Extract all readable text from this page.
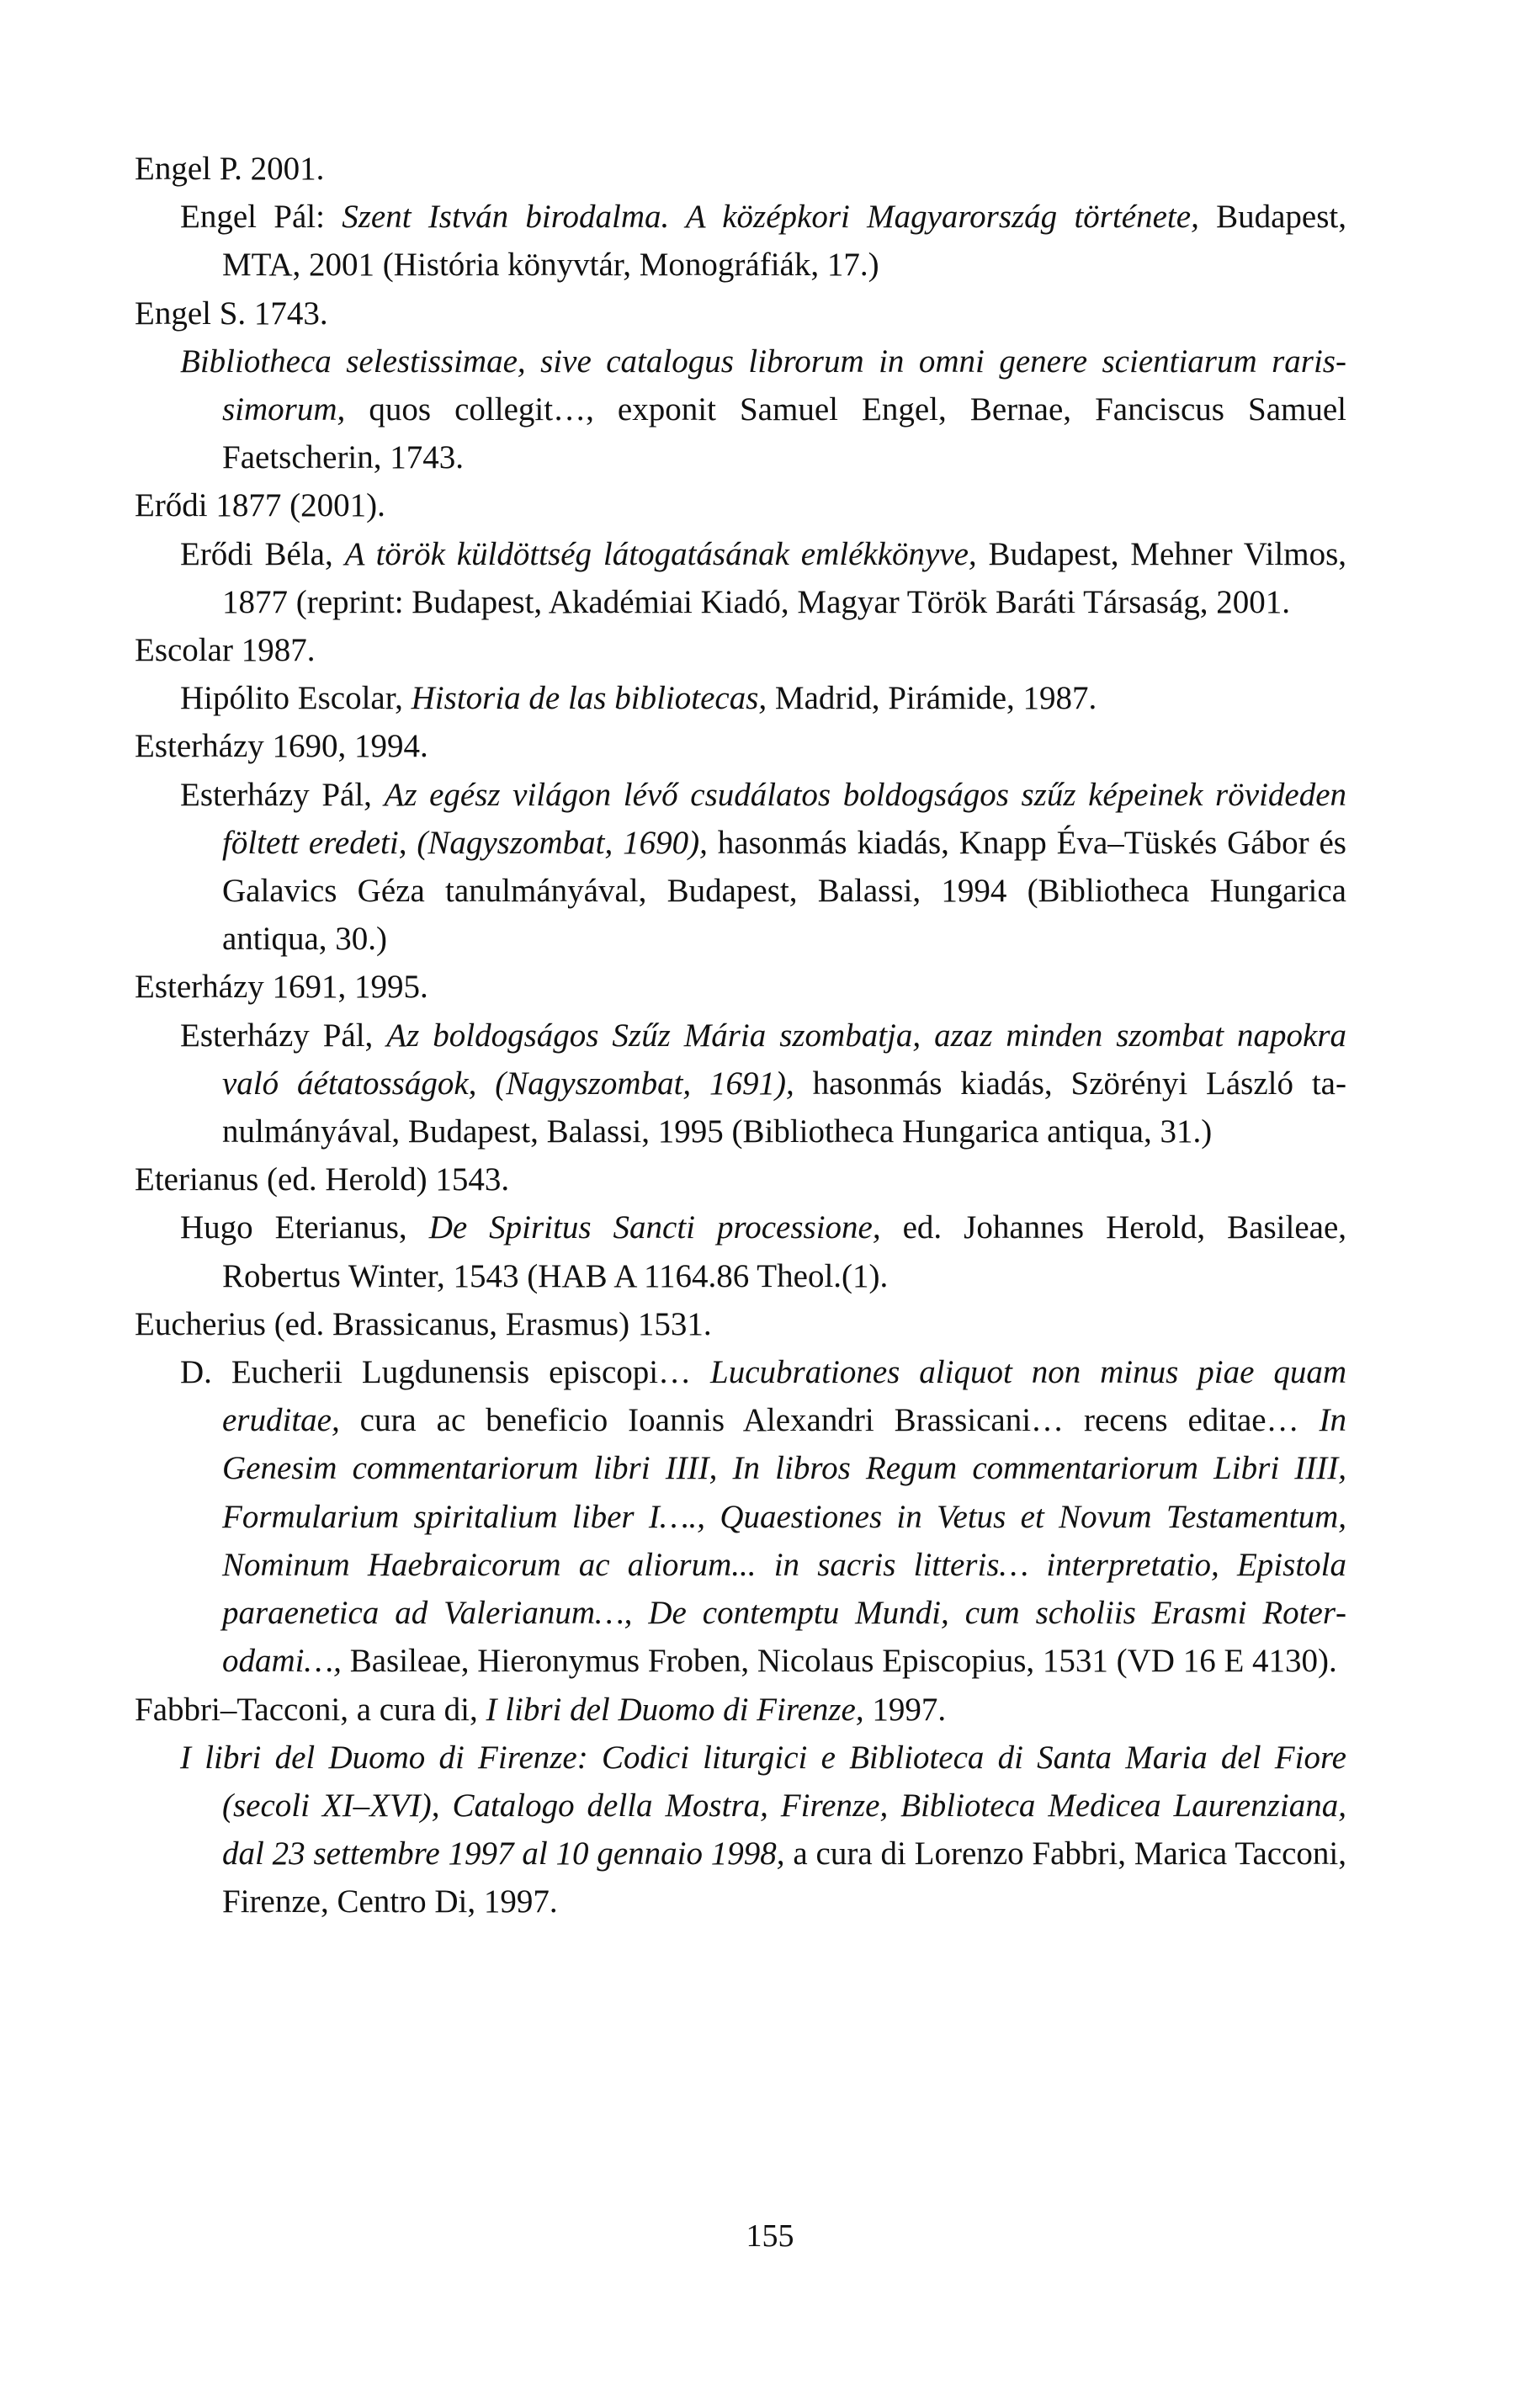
Engel P. 2001.

Engel Pál: Szent István birodalma. A középkori Magyarország története, Budapest, MTA, 2001 (História könyvtár, Monográfiák, 17.)

Engel S. 1743.

Bibliotheca selestissimae, sive catalogus librorum in omni genere scientiarum rarissimorum, quos collegit…, exponit Samuel Engel, Bernae, Fanciscus Samuel Faetscherin, 1743.

Erődi 1877 (2001).

Erődi Béla, A török küldöttség látogatásának emlékkönyve, Budapest, Mehner Vilmos, 1877 (reprint: Budapest, Akadémiai Kiadó, Magyar Török Baráti Társaság, 2001.

Escolar 1987.

Hipólito Escolar, Historia de las bibliotecas, Madrid, Pirámide, 1987.

Esterházy 1690, 1994.

Esterházy Pál, Az egész világon lévő csudálatos boldogságos szűz képeinek rövideden föltett eredeti, (Nagyszombat, 1690), hasonmás kiadás, Knapp Éva–Tüskés Gábor és Galavics Géza tanulmányával, Budapest, Balassi, 1994 (Bibliotheca Hungarica antiqua, 30.)

Esterházy 1691, 1995.

Esterházy Pál, Az boldogságos Szűz Mária szombatja, azaz minden szombat napokra való áétatosságok, (Nagyszombat, 1691), hasonmás kiadás, Szörényi László tanulmányával, Budapest, Balassi, 1995 (Bibliotheca Hungarica antiqua, 31.)

Eterianus (ed. Herold) 1543.

Hugo Eterianus, De Spiritus Sancti processione, ed. Johannes Herold, Basileae, Robertus Winter, 1543 (HAB A 1164.86 Theol.(1).

Eucherius (ed. Brassicanus, Erasmus) 1531.

D. Eucherii Lugdunensis episcopi… Lucubrationes aliquot non minus piae quam eruditae, cura ac beneficio Ioannis Alexandri Brassicani… recens editae… In Genesim commentariorum libri IIII, In libros Regum commentariorum Libri IIII, Formularium spiritalium liber I…., Quaestiones in Vetus et Novum Testamentum, Nominum Haebraicorum ac aliorum... in sacris litteris… interpretatio, Epistola paraenetica ad Valerianum…, De contemptu Mundi, cum scholiis Erasmi Roterodami…, Basileae, Hieronymus Froben, Nicolaus Episcopius, 1531 (VD 16 E 4130).

Fabbri–Tacconi, a cura di, I libri del Duomo di Firenze, 1997.

I libri del Duomo di Firenze: Codici liturgici e Biblioteca di Santa Maria del Fiore (secoli XI–XVI), Catalogo della Mostra, Firenze, Biblioteca Medicea Laurenziana, dal 23 settembre 1997 al 10 gennaio 1998, a cura di Lorenzo Fabbri, Marica Tacconi, Firenze, Centro Di, 1997.

155
